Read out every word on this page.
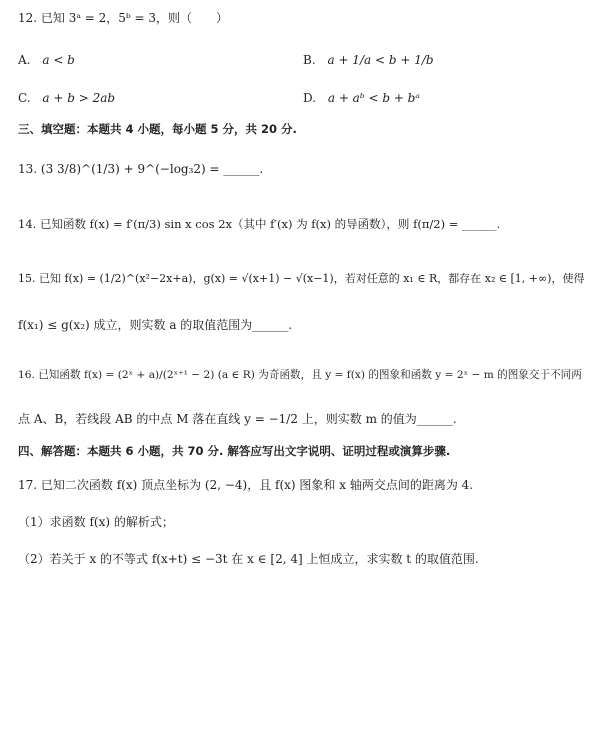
12. 已知 3ᵃ = 2，5ᵇ = 3，则（　　）
A. a < b	B. a + 1/a < b + 1/b
C. a + b > 2ab	D. a + aᵇ < b + bᵃ
三、填空题：本题共 4 小题，每小题 5 分，共 20 分.
13. (3 3/8)^(1/3) + 9^(−log₃2) = ______.
14. 已知函数 f(x) = f′(π/3) sin x cos 2x（其中 f′(x) 为 f(x) 的导函数），则 f(π/2) = ______.
15. 已知 f(x) = (1/2)^(x²−2x+a)，g(x) = √(x+1) − √(x−1)，若对任意的 x₁ ∈ R，都存在 x₂ ∈ [1, +∞)，使得
f(x₁) ≤ g(x₂) 成立，则实数 a 的取值范围为______.
16. 已知函数 f(x) = (2ˣ + a)/(2ˣ⁺¹ − 2) (a ∈ R) 为奇函数，且 y = f(x) 的图象和函数 y = 2ˣ − m 的图象交于不同两
点 A、B，若线段 AB 的中点 M 落在直线 y = −1/2 上，则实数 m 的值为______.
四、解答题：本题共 6 小题，共 70 分. 解答应写出文字说明、证明过程或演算步骤.
17. 已知二次函数 f(x) 顶点坐标为 (2, −4)，且 f(x) 图象和 x 轴两交点间的距离为 4.
（1）求函数 f(x) 的解析式；
（2）若关于 x 的不等式 f(x+t) ≤ −3t 在 x ∈ [2, 4] 上恒成立，求实数 t 的取值范围.
